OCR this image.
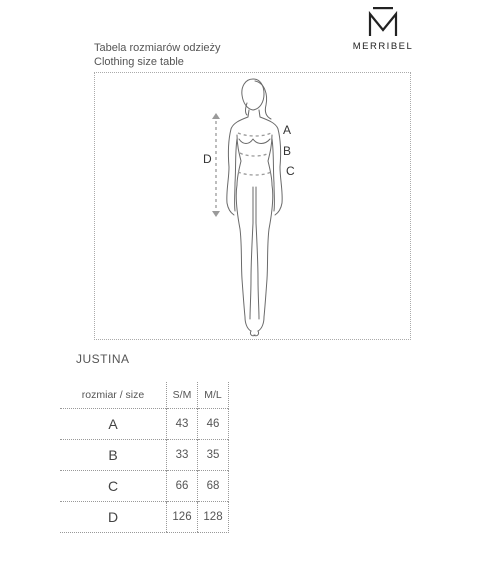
MERRIBEL
Tabela rozmiarów odzieży
Clothing size table
A
B
C
D
JUSTINA
rozmiar / size	S/M	M/L
A	43	46
B	33	35
C	66	68
D	126	128
